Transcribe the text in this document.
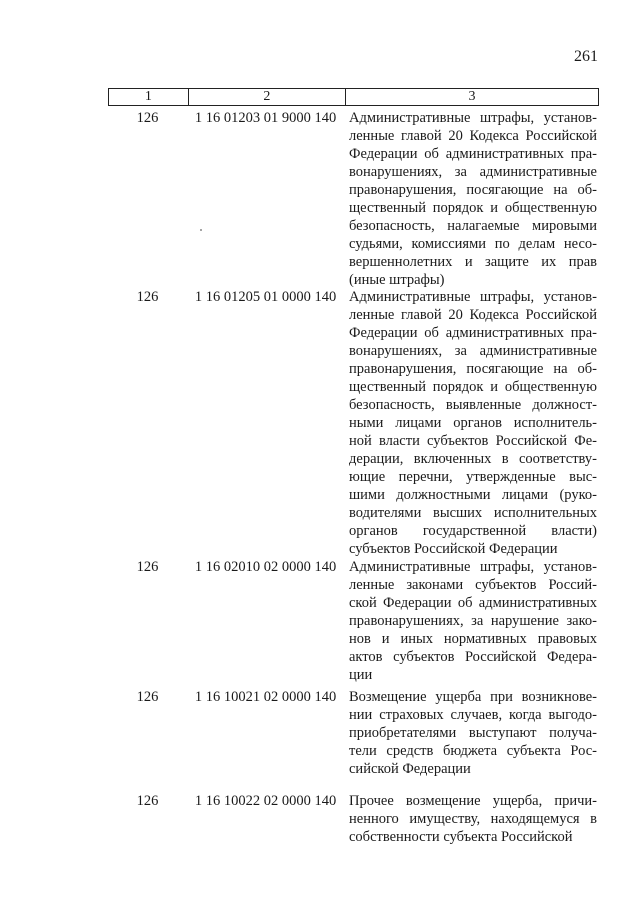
261
1	2	3
126	1 16 01203 01 9000 140 Административные штрафы, установ-
ленные главой 20 Кодекса Российской
Федерации об административных пра-
вонарушениях, за административные
правонарушения, посягающие на об-
щественный порядок и общественную
безопасность, налагаемые мировыми
судьями, комиссиями по делам несо-
вершеннолетних и защите их прав
(иные штрафы)
126	1 16 01205 01 0000 140 Административные штрафы, установ-
ленные главой 20 Кодекса Российской
Федерации об административных пра-
вонарушениях, за административные
правонарушения, посягающие на об-
щественный порядок и общественную
безопасность, выявленные должност-
ными лицами органов исполнитель-
ной власти субъектов Российской Фе-
дерации, включенных в соответству-
ющие перечни, утвержденные выс-
шими должностными лицами (руко-
водителями высших исполнительных
органов государственной власти)
субъектов Российской Федерации
126	1 16 02010 02 0000 140 Административные штрафы, установ-
ленные законами субъектов Россий-
ской Федерации об административных
правонарушениях, за нарушение зако-
нов и иных нормативных правовых
актов субъектов Российской Федера-
ции
126	1 16 10021 02 0000 140 Возмещение ущерба при возникнове-
нии страховых случаев, когда выгодо-
приобретателями выступают получа-
тели средств бюджета субъекта Рос-
сийской Федерации
126	1 16 10022 02 0000 140 Прочее возмещение ущерба, причи-
ненного имуществу, находящемуся в
собственности субъекта Российской
